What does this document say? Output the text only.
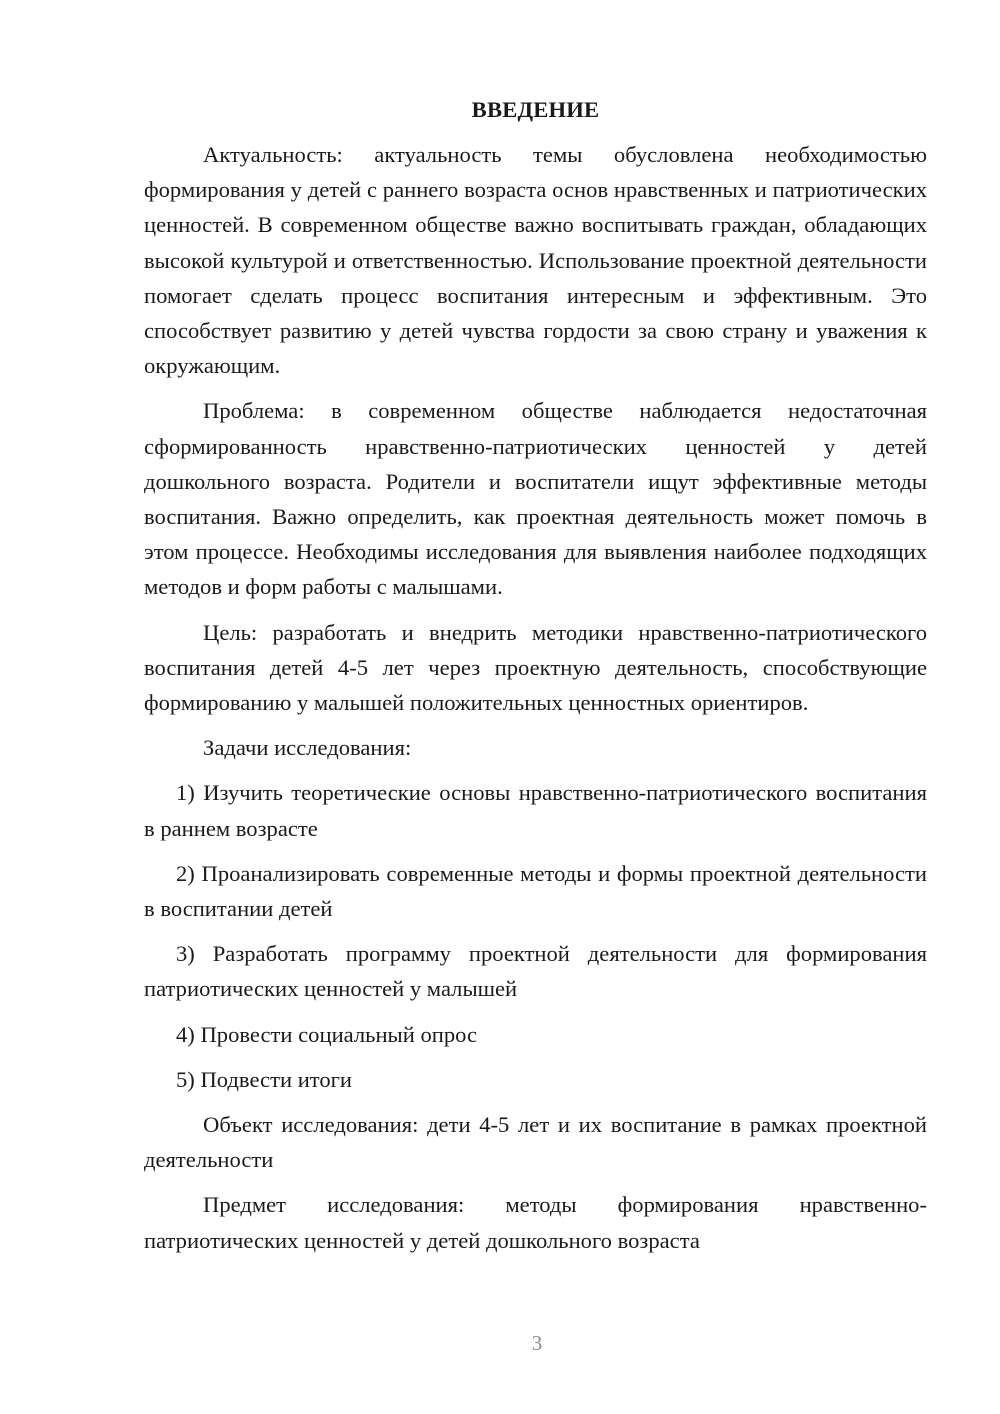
ВВЕДЕНИЕ

Актуальность: актуальность темы обусловлена необходимостью формирования у детей с раннего возраста основ нравственных и патриотических ценностей. В современном обществе важно воспитывать граждан, обладающих высокой культурой и ответственностью. Использование проектной деятельности помогает сделать процесс воспитания интересным и эффективным. Это способствует развитию у детей чувства гордости за свою страну и уважения к окружающим.

Проблема: в современном обществе наблюдается недостаточная сформированность нравственно-патриотических ценностей у детей дошкольного возраста. Родители и воспитатели ищут эффективные методы воспитания. Важно определить, как проектная деятельность может помочь в этом процессе. Необходимы исследования для выявления наиболее подходящих методов и форм работы с малышами.

Цель: разработать и внедрить методики нравственно-патриотического воспитания детей 4-5 лет через проектную деятельность, способствующие формированию у малышей положительных ценностных ориентиров.

Задачи исследования:

1) Изучить теоретические основы нравственно-патриотического воспитания в раннем возрасте

2) Проанализировать современные методы и формы проектной деятельности в воспитании детей

3) Разработать программу проектной деятельности для формирования патриотических ценностей у малышей

4) Провести социальный опрос

5) Подвести итоги

Объект исследования: дети 4-5 лет и их воспитание в рамках проектной деятельности

Предмет исследования: методы формирования нравственно-патриотических ценностей у детей дошкольного возраста

3
